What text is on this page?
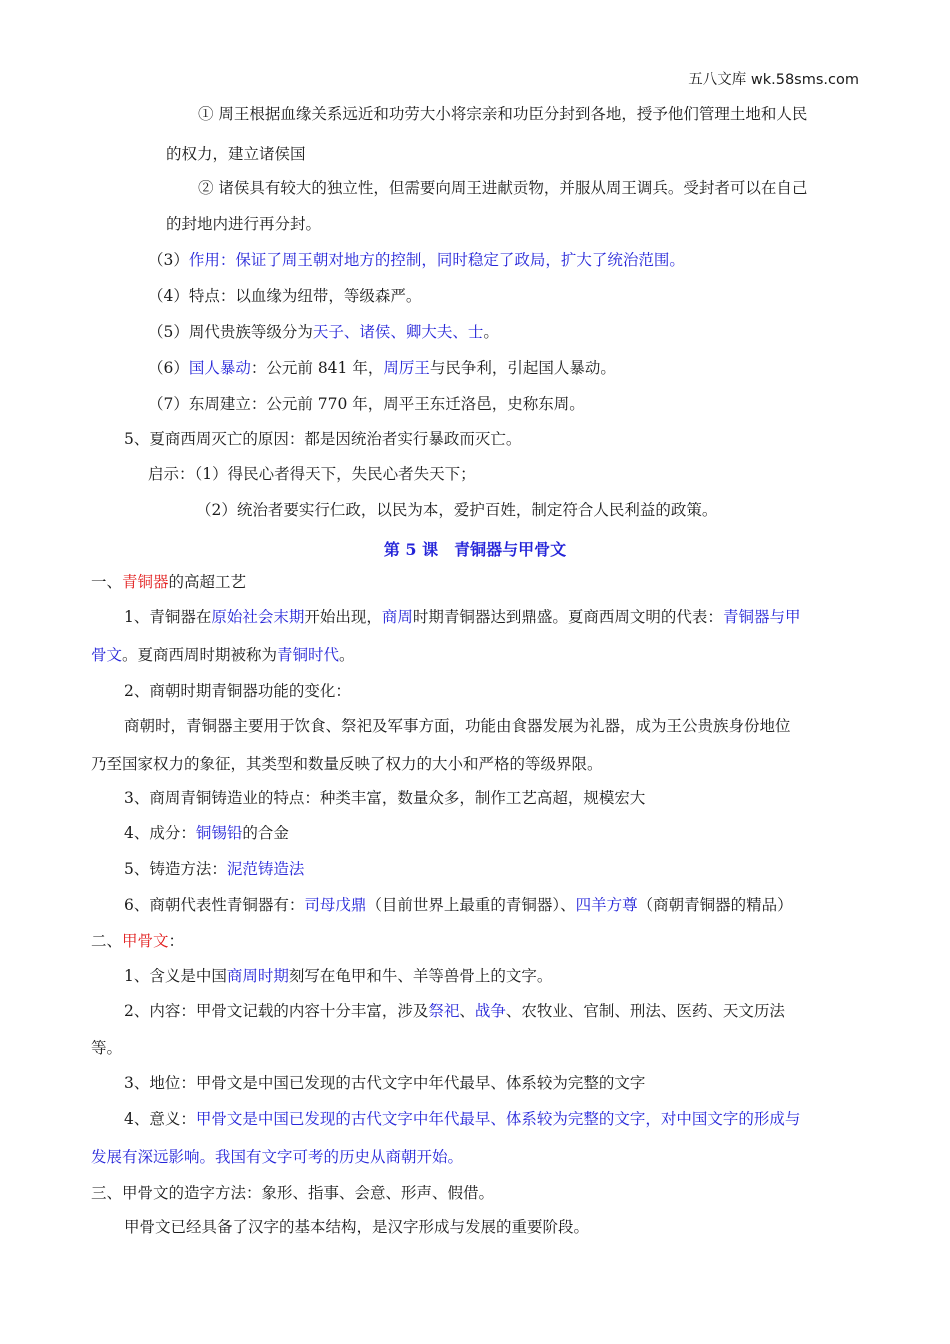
五八文库 wk.58sms.com
① 周王根据血缘关系远近和功劳大小将宗亲和功臣分封到各地，授予他们管理土地和人民
的权力，建立诸侯国
② 诸侯具有较大的独立性，但需要向周王进献贡物，并服从周王调兵。受封者可以在自己
的封地内进行再分封。
（3）作用：保证了周王朝对地方的控制，同时稳定了政局，扩大了统治范围。
（4）特点：以血缘为纽带，等级森严。
（5）周代贵族等级分为天子、诸侯、卿大夫、士。
（6）国人暴动：公元前 841 年，周厉王与民争利，引起国人暴动。
（7）东周建立：公元前 770 年，周平王东迁洛邑，史称东周。
5、夏商西周灭亡的原因：都是因统治者实行暴政而灭亡。
启示：（1）得民心者得天下，失民心者失天下；
（2）统治者要实行仁政，以民为本，爱护百姓，制定符合人民利益的政策。
第 5 课　青铜器与甲骨文
一、青铜器的高超工艺
1、青铜器在原始社会末期开始出现，商周时期青铜器达到鼎盛。夏商西周文明的代表：青铜器与甲
骨文。夏商西周时期被称为青铜时代。
2、商朝时期青铜器功能的变化：
商朝时，青铜器主要用于饮食、祭祀及军事方面，功能由食器发展为礼器，成为王公贵族身份地位
乃至国家权力的象征，其类型和数量反映了权力的大小和严格的等级界限。
3、商周青铜铸造业的特点：种类丰富，数量众多，制作工艺高超，规模宏大
4、成分：铜锡铅的合金
5、铸造方法：泥范铸造法
6、商朝代表性青铜器有：司母戊鼎（目前世界上最重的青铜器）、四羊方尊（商朝青铜器的精品）
二、甲骨文：
1、含义是中国商周时期刻写在龟甲和牛、羊等兽骨上的文字。
2、内容：甲骨文记载的内容十分丰富，涉及祭祀、战争、农牧业、官制、刑法、医药、天文历法
等。
3、地位：甲骨文是中国已发现的古代文字中年代最早、体系较为完整的文字
4、意义：甲骨文是中国已发现的古代文字中年代最早、体系较为完整的文字，对中国文字的形成与
发展有深远影响。我国有文字可考的历史从商朝开始。
三、甲骨文的造字方法：象形、指事、会意、形声、假借。
甲骨文已经具备了汉字的基本结构，是汉字形成与发展的重要阶段。
